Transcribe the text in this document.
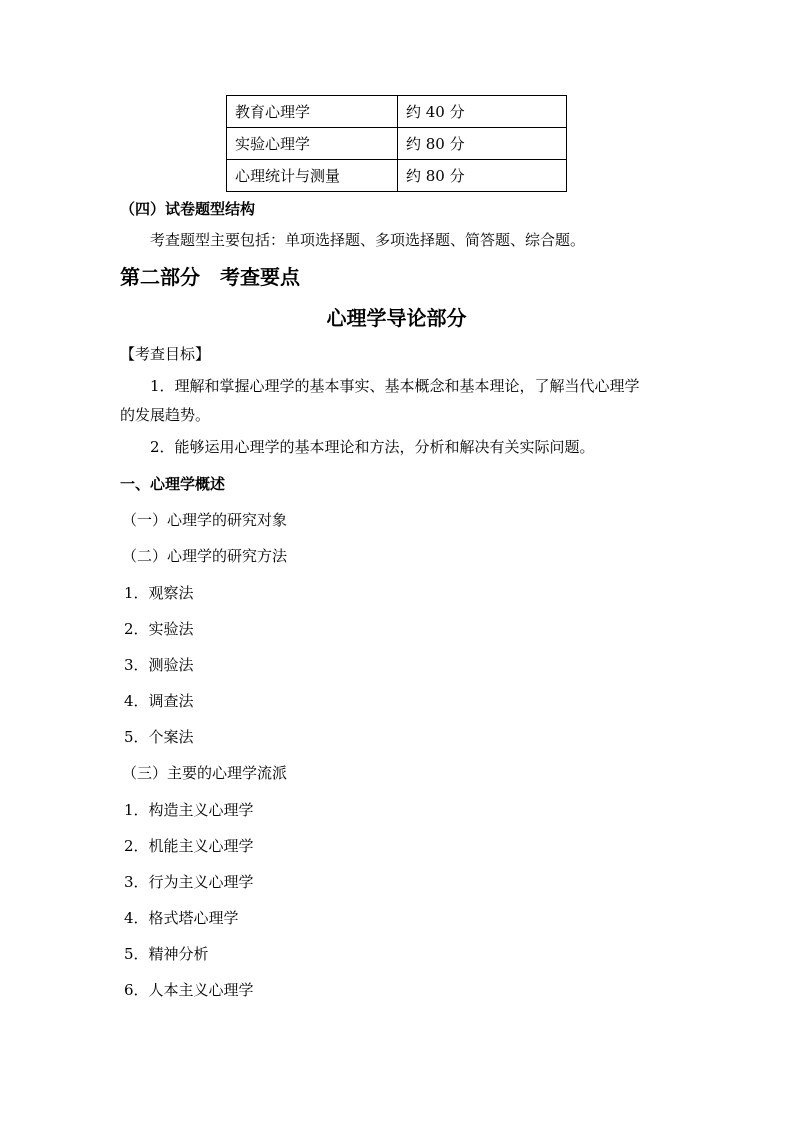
教育心理学	约 40 分
实验心理学	约 80 分
心理统计与测量	约 80 分
（四）试卷题型结构
考查题型主要包括：单项选择题、多项选择题、简答题、综合题。
第二部分　考查要点
心理学导论部分
【考查目标】
1．理解和掌握心理学的基本事实、基本概念和基本理论，了解当代心理学
的发展趋势。
2．能够运用心理学的基本理论和方法，分析和解决有关实际问题。
一、心理学概述
（一）心理学的研究对象
（二）心理学的研究方法
1．观察法
2．实验法
3．测验法
4．调查法
5．个案法
（三）主要的心理学流派
1．构造主义心理学
2．机能主义心理学
3．行为主义心理学
4．格式塔心理学
5．精神分析
6．人本主义心理学
